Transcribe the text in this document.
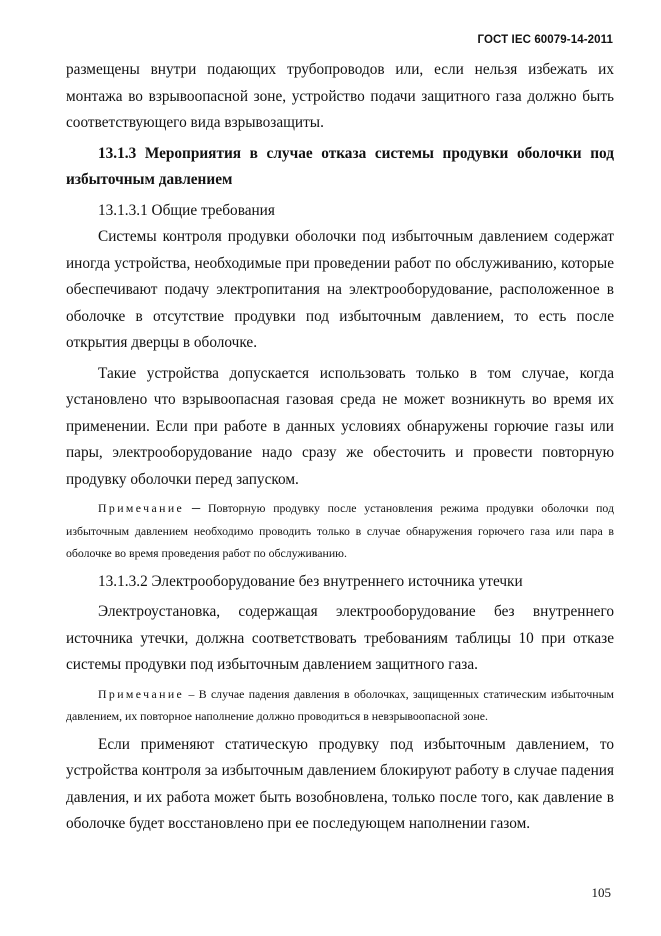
ГОСТ IEC 60079-14-2011

размещены внутри подающих трубопроводов или, если нельзя избежать их монтажа во взрывоопасной зоне, устройство подачи защитного газа должно быть соответствующего вида взрывозащиты.

13.1.3 Мероприятия в случае отказа системы продувки оболочки под избыточным давлением

13.1.3.1 Общие требования

Системы контроля продувки оболочки под избыточным давлением содержат иногда устройства, необходимые при проведении работ по обслуживанию, которые обеспечивают подачу электропитания на электрооборудование, расположенное в оболочке в отсутствие продувки под избыточным давлением, то есть после открытия дверцы в оболочке.

Такие устройства допускается использовать только в том случае, когда установлено что взрывоопасная газовая среда не может возникнуть во время их применении. Если при работе в данных условиях обнаружены горючие газы или пары, электрооборудование надо сразу же обесточить и провести повторную продувку оболочки перед запуском.

Примечание ─ Повторную продувку после установления режима продувки оболочки под избыточным давлением необходимо проводить только в случае обнаружения горючего газа или пара в оболочке во время проведения работ по обслуживанию.

13.1.3.2 Электрооборудование без внутреннего источника утечки

Электроустановка, содержащая электрооборудование без внутреннего источника утечки, должна соответствовать требованиям таблицы 10 при отказе системы продувки под избыточным давлением защитного газа.

Примечание – В случае падения давления в оболочках, защищенных статическим избыточным давлением, их повторное наполнение должно проводиться в невзрывоопасной зоне.

Если применяют статическую продувку под избыточным давлением, то устройства контроля за избыточным давлением блокируют работу в случае падения давления, и их работа может быть возобновлена, только после того, как давление в оболочке будет восстановлено при ее последующем наполнении газом.

105
